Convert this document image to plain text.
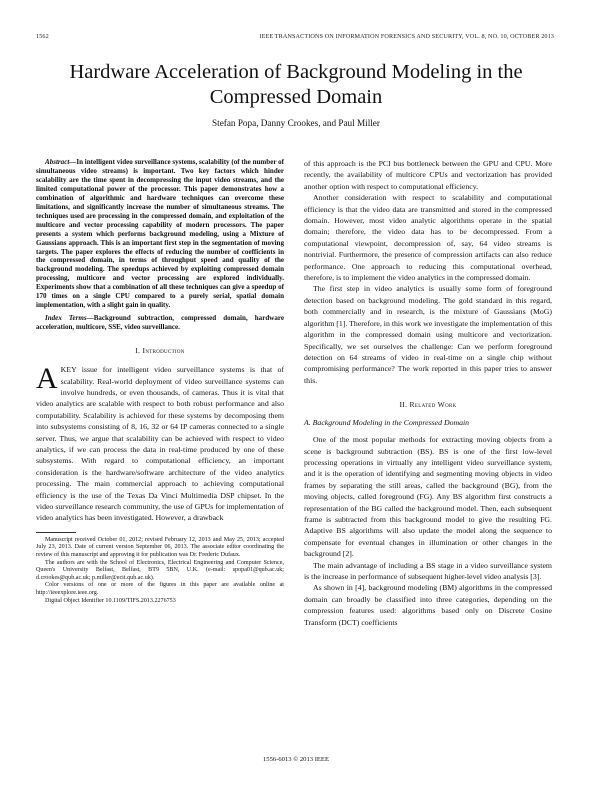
1562	IEEE TRANSACTIONS ON INFORMATION FORENSICS AND SECURITY, VOL. 8, NO. 10, OCTOBER 2013
Hardware Acceleration of Background Modeling in the Compressed Domain
Stefan Popa, Danny Crookes, and Paul Miller

Abstract—In intelligent video surveillance systems, scalability (of the number of simultaneous video streams) is important. Two key factors which hinder scalability are the time spent in decompressing the input video streams, and the limited computational power of the processor. This paper demonstrates how a combination of algorithmic and hardware techniques can overcome these limitations, and significantly increase the number of simultaneous streams. The techniques used are processing in the compressed domain, and exploitation of the multicore and vector processing capability of modern processors. The paper presents a system which performs background modeling, using a Mixture of Gaussians approach. This is an important first step in the segmentation of moving targets. The paper explores the effects of reducing the number of coefficients in the compressed domain, in terms of throughput speed and quality of the background modeling. The speedups achieved by exploiting compressed domain processing, multicore and vector processing are explored individually. Experiments show that a combination of all these techniques can give a speedup of 170 times on a single CPU compared to a purely serial, spatial domain implementation, with a slight gain in quality.

Index Terms—Background subtraction, compressed domain, hardware acceleration, multicore, SSE, video surveillance.

I. Introduction

AKEY issue for intelligent video surveillance systems is that of scalability. Real-world deployment of video surveillance systems can involve hundreds, or even thousands, of cameras. Thus it is vital that video analytics are scalable with respect to both robust performance and also computability. Scalability is achieved for these systems by decomposing them into subsystems consisting of 8, 16, 32 or 64 IP cameras connected to a single server. Thus, we argue that scalability can be achieved with respect to video analytics, if we can process the data in real-time produced by one of these subsystems. With regard to computational efficiency, an important consideration is the hardware/software architecture of the video analytics processing. The main commercial approach to achieving computational efficiency is the use of the Texas Da Vinci Multimedia DSP chipset. In the video surveillance research community, the use of GPUs for implementation of video analytics has been investigated. However, a drawback

Manuscript received October 01, 2012; revised February 12, 2013 and May 25, 2013; accepted July 23, 2013. Date of current version September 06, 2013. The associate editor coordinating the review of this manuscript and approving it for publication was Dr. Frederic Dufaux.

The authors are with the School of Electronics, Electrical Engineering and Computer Science, Queen's University Belfast, Belfast, BT9 5BN, U.K. (e-mail: spopa01@qub.ac.uk; d.crookes@qub.ac.uk; p.miller@ecit.qub.ac.uk).

Color versions of one or more of the figures in this paper are available online at http://ieeexplore.ieee.org.

Digital Object Identifier 10.1109/TIFS.2013.2276753

of this approach is the PCI bus bottleneck between the GPU and CPU. More recently, the availability of multicore CPUs and vectorization has provided another option with respect to computational efficiency.

Another consideration with respect to scalability and computational efficiency is that the video data are transmitted and stored in the compressed domain. However, most video analytic algorithms operate in the spatial domain; therefore, the video data has to be decompressed. From a computational viewpoint, decompression of, say, 64 video streams is nontrivial. Furthermore, the presence of compression artifacts can also reduce performance. One approach to reducing this computational overhead, therefore, is to implement the video analytics in the compressed domain.

The first step in video analytics is usually some form of foreground detection based on background modeling. The gold standard in this regard, both commercially and in research, is the mixture of Gaussians (MoG) algorithm [1]. Therefore, in this work we investigate the implementation of this algorithm in the compressed domain using multicore and vectorization. Specifically, we set ourselves the challenge: Can we perform foreground detection on 64 streams of video in real-time on a single chip without compromising performance? The work reported in this paper tries to answer this.

II. Related Work
A. Background Modeling in the Compressed Domain

One of the most popular methods for extracting moving objects from a scene is background subtraction (BS). BS is one of the first low-level processing operations in virtually any intelligent video surveillance system, and it is the operation of identifying and segmenting moving objects in video frames by separating the still areas, called the background (BG), from the moving objects, called foreground (FG). Any BS algorithm first constructs a representation of the BG called the background model. Then, each subsequent frame is subtracted from this background model to give the resulting FG. Adaptive BS algorithms will also update the model along the sequence to compensate for eventual changes in illumination or other changes in the background [2].

The main advantage of including a BS stage in a video surveillance system is the increase in performance of subsequent higher-level video analysis [3].

As shown in [4], background modeling (BM) algorithms in the compressed domain can broadly be classified into three categories, depending on the compression features used: algorithms based only on Discrete Cosine Transform (DCT) coefficients

1556-6013 © 2013 IEEE
